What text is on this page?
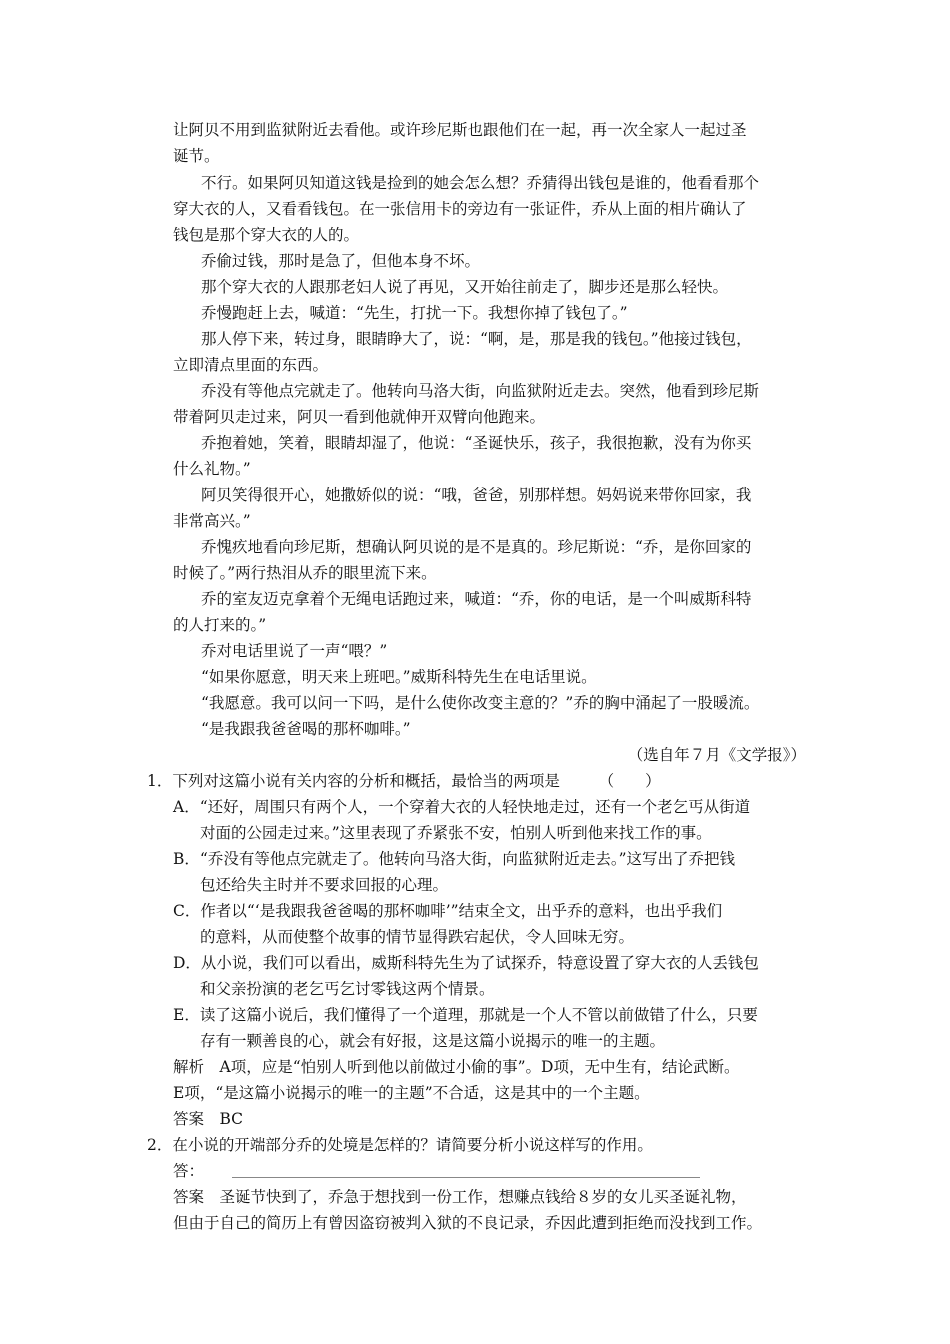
让阿贝不用到监狱附近去看他。或许珍尼斯也跟他们在一起，再一次全家人一起过圣
诞节。
不行。如果阿贝知道这钱是捡到的她会怎么想？乔猜得出钱包是谁的，他看看那个
穿大衣的人，又看看钱包。在一张信用卡的旁边有一张证件，乔从上面的相片确认了
钱包是那个穿大衣的人的。
乔偷过钱，那时是急了，但他本身不坏。
那个穿大衣的人跟那老妇人说了再见，又开始往前走了，脚步还是那么轻快。
乔慢跑赶上去，喊道：“先生，打扰一下。我想你掉了钱包了。”
那人停下来，转过身，眼睛睁大了，说：“啊，是，那是我的钱包。”他接过钱包，
立即清点里面的东西。
乔没有等他点完就走了。他转向马洛大街，向监狱附近走去。突然，他看到珍尼斯
带着阿贝走过来，阿贝一看到他就伸开双臂向他跑来。
乔抱着她，笑着，眼睛却湿了，他说：“圣诞快乐，孩子，我很抱歉，没有为你买
什么礼物。”
阿贝笑得很开心，她撒娇似的说：“哦，爸爸，别那样想。妈妈说来带你回家，我
非常高兴。”
乔愧疚地看向珍尼斯，想确认阿贝说的是不是真的。珍尼斯说：“乔，是你回家的
时候了。”两行热泪从乔的眼里流下来。
乔的室友迈克拿着个无绳电话跑过来，喊道：“乔，你的电话，是一个叫威斯科特
的人打来的。”
乔对电话里说了一声“喂？”
“如果你愿意，明天来上班吧。”威斯科特先生在电话里说。
“我愿意。我可以问一下吗，是什么使你改变主意的？”乔的胸中涌起了一股暖流。
“是我跟我爸爸喝的那杯咖啡。”
（选自年７月《文学报》）
1．下列对这篇小说有关内容的分析和概括，最恰当的两项是　　　（　　）
A．“还好，周围只有两个人，一个穿着大衣的人轻快地走过，还有一个老乞丐从街道
对面的公园走过来。”这里表现了乔紧张不安，怕别人听到他来找工作的事。
B．“乔没有等他点完就走了。他转向马洛大街，向监狱附近走去。”这写出了乔把钱
包还给失主时并不要求回报的心理。
C．作者以“‘是我跟我爸爸喝的那杯咖啡’”结束全文，出乎乔的意料，也出乎我们
的意料，从而使整个故事的情节显得跌宕起伏，令人回味无穷。
D．从小说，我们可以看出，威斯科特先生为了试探乔，特意设置了穿大衣的人丢钱包
和父亲扮演的老乞丐乞讨零钱这两个情景。
E．读了这篇小说后，我们懂得了一个道理，那就是一个人不管以前做错了什么，只要
存有一颗善良的心，就会有好报，这是这篇小说揭示的唯一的主题。
解析　A项，应是“怕别人听到他以前做过小偷的事”。D项，无中生有，结论武断。
E项，“是这篇小说揭示的唯一的主题”不合适，这是其中的一个主题。
答案　BC
2．在小说的开端部分乔的处境是怎样的？请简要分析小说这样写的作用。
答：
答案　圣诞节快到了，乔急于想找到一份工作，想赚点钱给８岁的女儿买圣诞礼物，
但由于自己的简历上有曾因盗窃被判入狱的不良记录，乔因此遭到拒绝而没找到工作。
